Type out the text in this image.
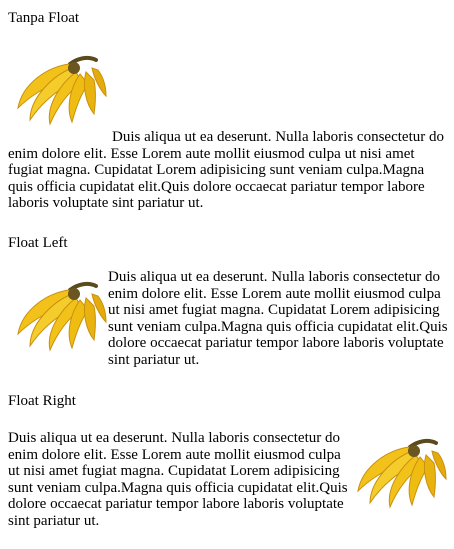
Tanpa Float

Duis aliqua ut ea deserunt. Nulla laboris consectetur do enim dolore elit. Esse Lorem aute mollit eiusmod culpa ut nisi amet fugiat magna. Cupidatat Lorem adipisicing sunt veniam culpa.Magna quis officia cupidatat elit.Quis dolore occaecat pariatur tempor labore laboris voluptate sint pariatur ut.

Float Left

Duis aliqua ut ea deserunt. Nulla laboris consectetur do enim dolore elit. Esse Lorem aute mollit eiusmod culpa ut nisi amet fugiat magna. Cupidatat Lorem adipisicing sunt veniam culpa.Magna quis officia cupidatat elit.Quis dolore occaecat pariatur tempor labore laboris voluptate sint pariatur ut.

Float Right

Duis aliqua ut ea deserunt. Nulla laboris consectetur do enim dolore elit. Esse Lorem aute mollit eiusmod culpa ut nisi amet fugiat magna. Cupidatat Lorem adipisicing sunt veniam culpa.Magna quis officia cupidatat elit.Quis dolore occaecat pariatur tempor labore laboris voluptate sint pariatur ut.
